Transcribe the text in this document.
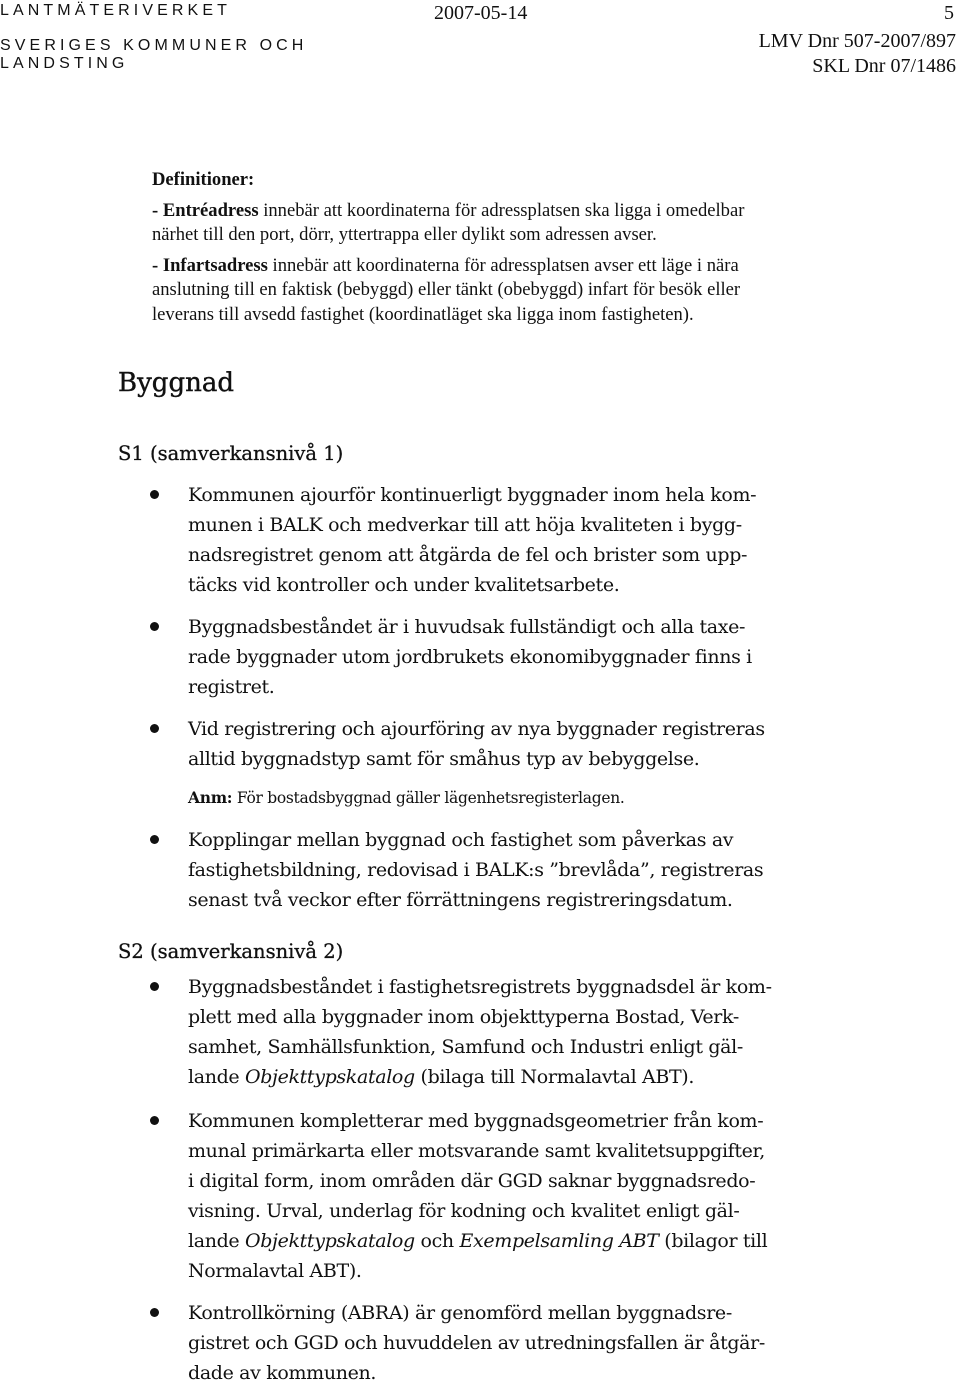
LANTMÄTERIVERKET
SVERIGES KOMMUNER OCH
LANDSTING
2007-05-14	5
LMV Dnr 507-2007/897
SKL Dnr 07/1486

Definitioner:

- Entréadress innebär att koordinaterna för adressplatsen ska ligga i omedelbar
närhet till den port, dörr, yttertrappa eller dylikt som adressen avser.

- Infartsadress innebär att koordinaterna för adressplatsen avser ett läge i nära
anslutning till en faktisk (bebyggd) eller tänkt (obebyggd) infart för besök eller
leverans till avsedd fastighet (koordinatläget ska ligga inom fastigheten).

Byggnad
S1 (samverkansnivå 1)
Kommunen ajourför kontinuerligt byggnader inom hela kom-
munen i BALK och medverkar till att höja kvaliteten i bygg-
nadsregistret genom att åtgärda de fel och brister som upp-
täcks vid kontroller och under kvalitetsarbete.
Byggnadsbeståndet är i huvudsak fullständigt och alla taxe-
rade byggnader utom jordbrukets ekonomibyggnader finns i
registret.
Vid registrering och ajourföring av nya byggnader registreras
alltid byggnadstyp samt för småhus typ av bebyggelse.
Anm: För bostadsbyggnad gäller lägenhetsregisterlagen.
Kopplingar mellan byggnad och fastighet som påverkas av
fastighetsbildning, redovisad i BALK:s ”brevlåda”, registreras
senast två veckor efter förrättningens registreringsdatum.
S2 (samverkansnivå 2)
Byggnadsbeståndet i fastighetsregistrets byggnadsdel är kom-
plett med alla byggnader inom objekttyperna Bostad, Verk-
samhet, Samhällsfunktion, Samfund och Industri enligt gäl-
lande Objekttypskatalog (bilaga till Normalavtal ABT).
Kommunen kompletterar med byggnadsgeometrier från kom-
munal primärkarta eller motsvarande samt kvalitetsuppgifter,
i digital form, inom områden där GGD saknar byggnadsredo-
visning. Urval, underlag för kodning och kvalitet enligt gäl-
lande Objekttypskatalog och Exempelsamling ABT (bilagor till
Normalavtal ABT).
Kontrollkörning (ABRA) är genomförd mellan byggnadsre-
gistret och GGD och huvuddelen av utredningsfallen är åtgär-
dade av kommunen.
